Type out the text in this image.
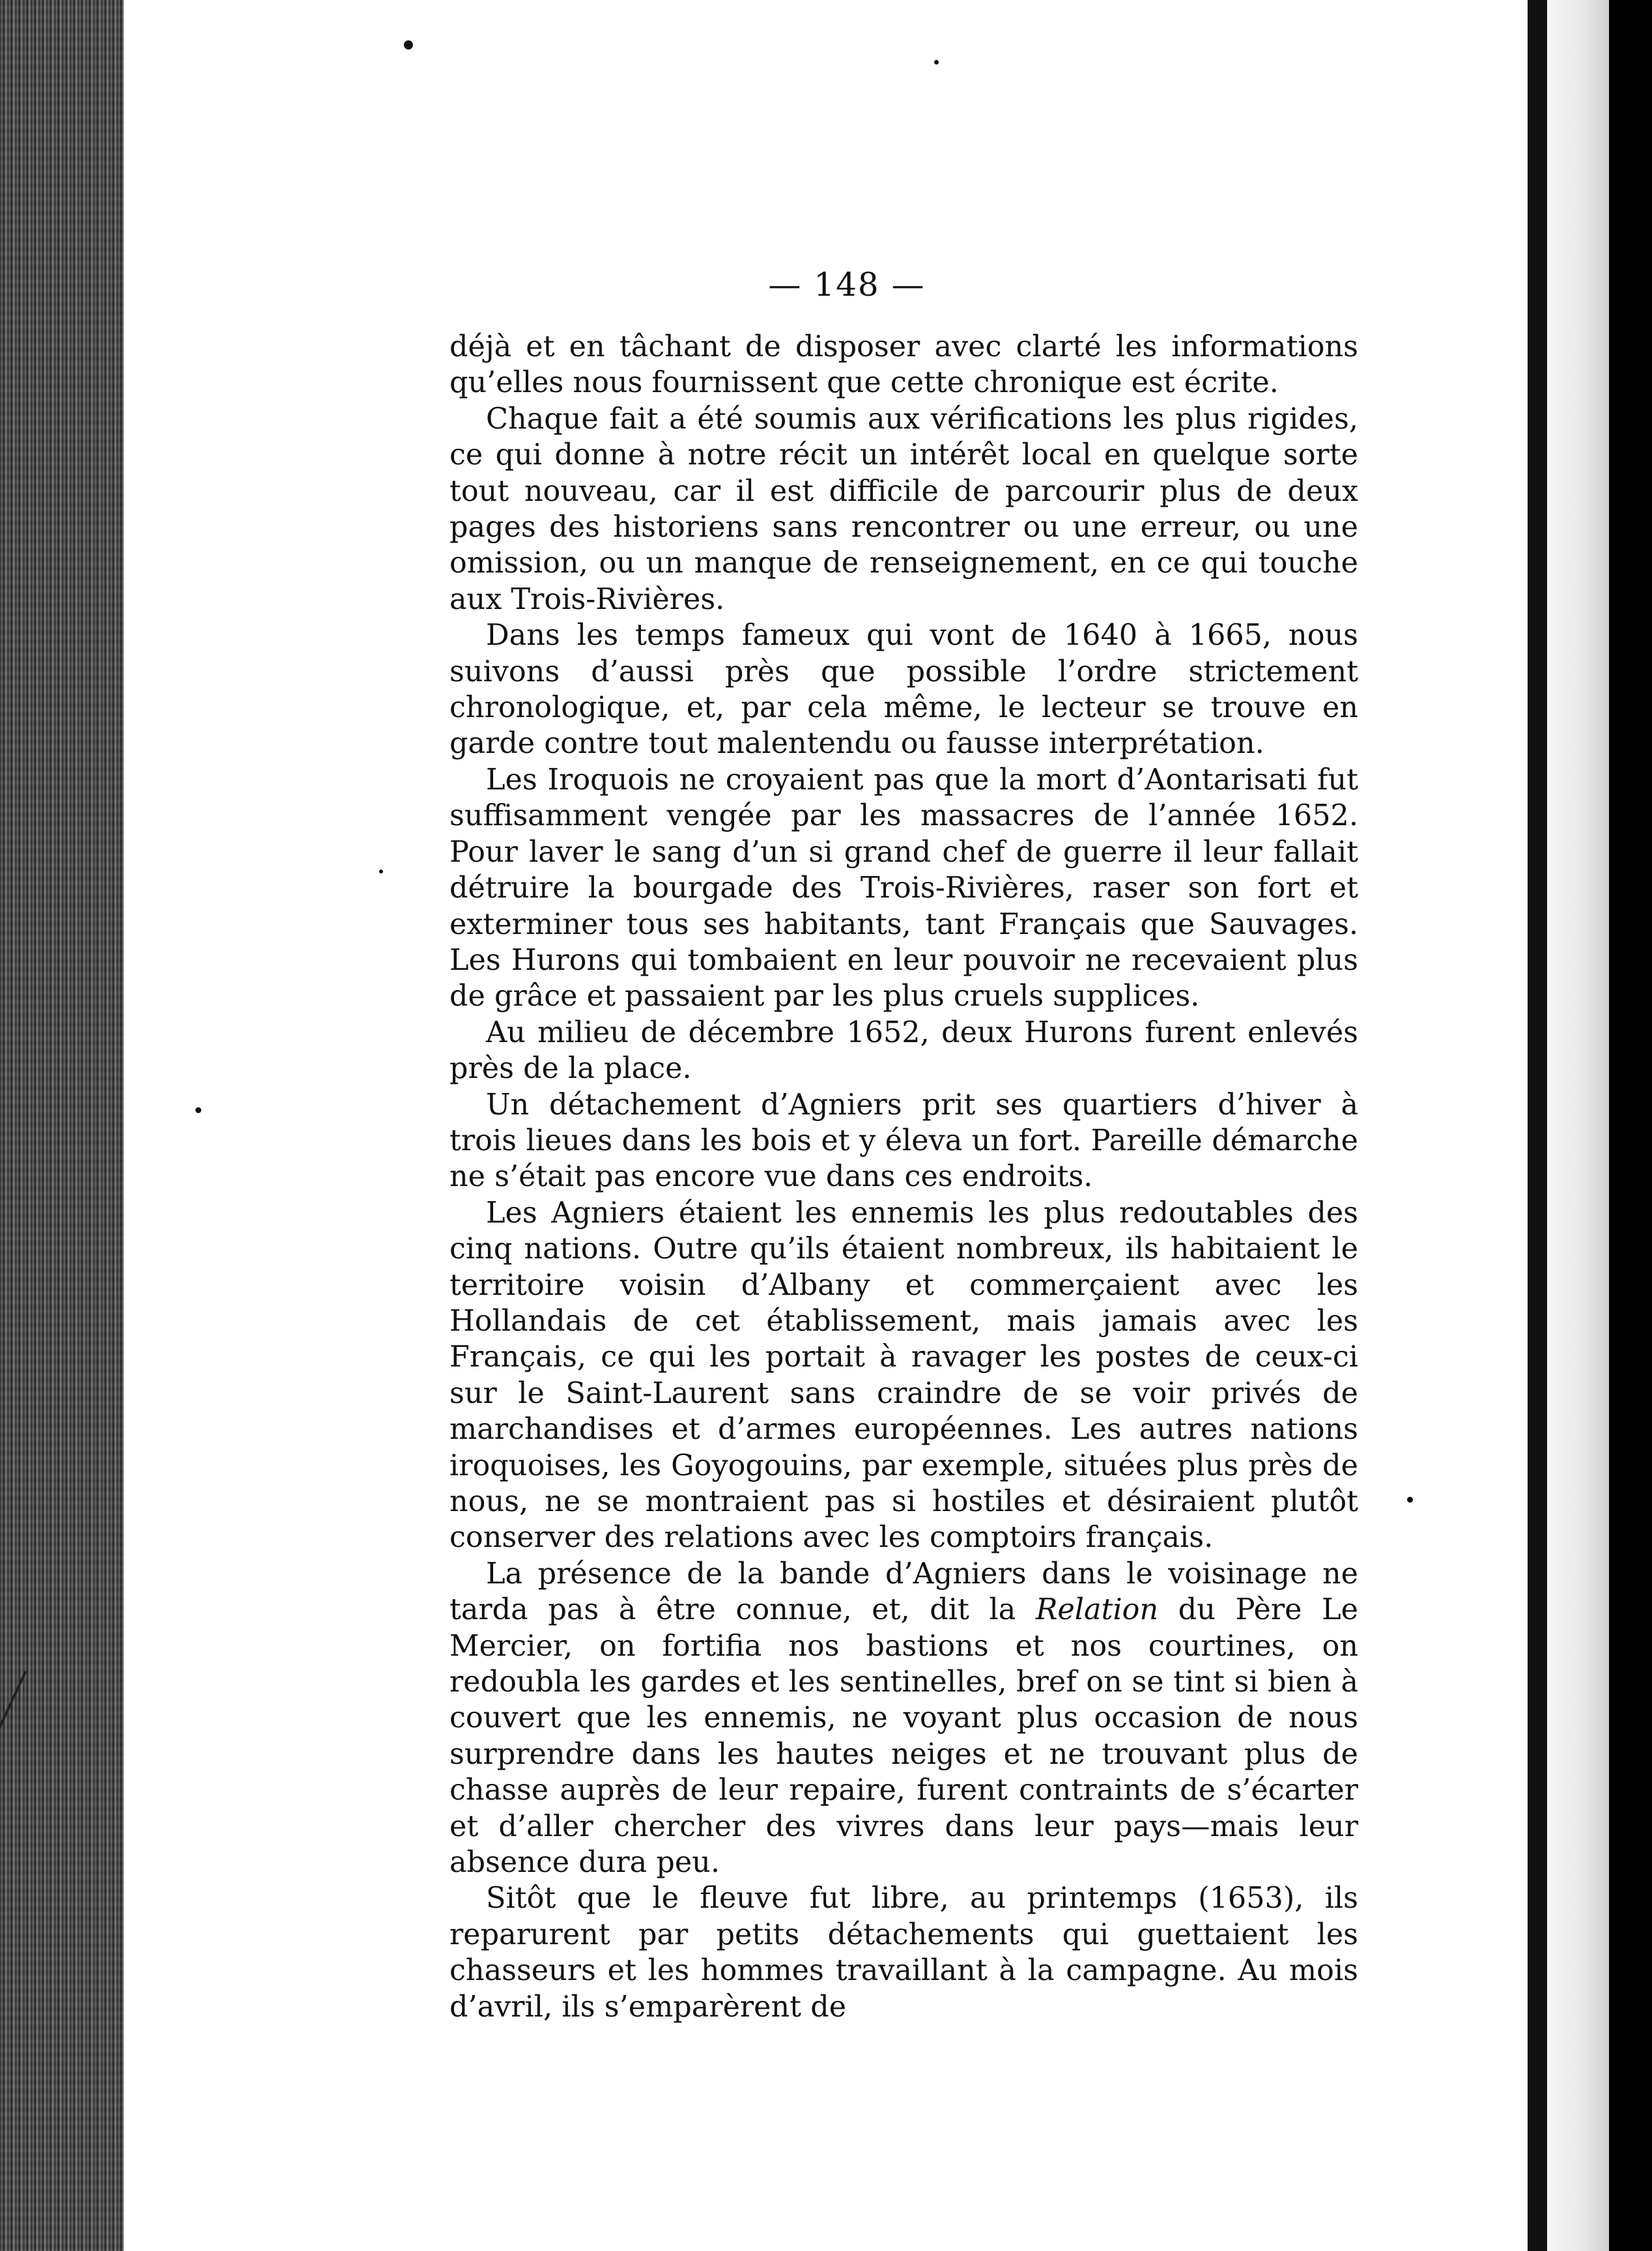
— 148 —

déjà et en tâchant de disposer avec clarté les informations qu’elles nous fournissent que cette chronique est écrite.

Chaque fait a été soumis aux vérifications les plus rigides, ce qui donne à notre récit un intérêt local en quelque sorte tout nouveau, car il est difficile de parcourir plus de deux pages des historiens sans rencontrer ou une erreur, ou une omission, ou un manque de renseignement, en ce qui touche aux Trois-Rivières.

Dans les temps fameux qui vont de 1640 à 1665, nous suivons d’aussi près que possible l’ordre strictement chronologique, et, par cela même, le lecteur se trouve en garde contre tout malentendu ou fausse interprétation.

Les Iroquois ne croyaient pas que la mort d’Aontarisati fut suffisamment vengée par les massacres de l’année 1652. Pour laver le sang d’un si grand chef de guerre il leur fallait détruire la bourgade des Trois-Rivières, raser son fort et exterminer tous ses habitants, tant Français que Sauvages. Les Hurons qui tombaient en leur pouvoir ne recevaient plus de grâce et passaient par les plus cruels supplices.

Au milieu de décembre 1652, deux Hurons furent enlevés près de la place.

Un détachement d’Agniers prit ses quartiers d’hiver à trois lieues dans les bois et y éleva un fort. Pareille démarche ne s’était pas encore vue dans ces endroits.

Les Agniers étaient les ennemis les plus redoutables des cinq nations. Outre qu’ils étaient nombreux, ils habitaient le territoire voisin d’Albany et commerçaient avec les Hollandais de cet établissement, mais jamais avec les Français, ce qui les portait à ravager les postes de ceux-ci sur le Saint-Laurent sans craindre de se voir privés de marchandises et d’armes européennes. Les autres nations iroquoises, les Goyogouins, par exemple, situées plus près de nous, ne se montraient pas si hostiles et désiraient plutôt conserver des relations avec les comptoirs français.

La présence de la bande d’Agniers dans le voisinage ne tarda pas à être connue, et, dit la Relation du Père Le Mercier, on fortifia nos bastions et nos courtines, on redoubla les gardes et les sentinelles, bref on se tint si bien à couvert que les ennemis, ne voyant plus occasion de nous surprendre dans les hautes neiges et ne trouvant plus de chasse auprès de leur repaire, furent contraints de s’écarter et d’aller chercher des vivres dans leur pays—mais leur absence dura peu.

Sitôt que le fleuve fut libre, au printemps (1653), ils reparurent par petits détachements qui guettaient les chasseurs et les hommes travaillant à la campagne. Au mois d’avril, ils s’emparèrent de
